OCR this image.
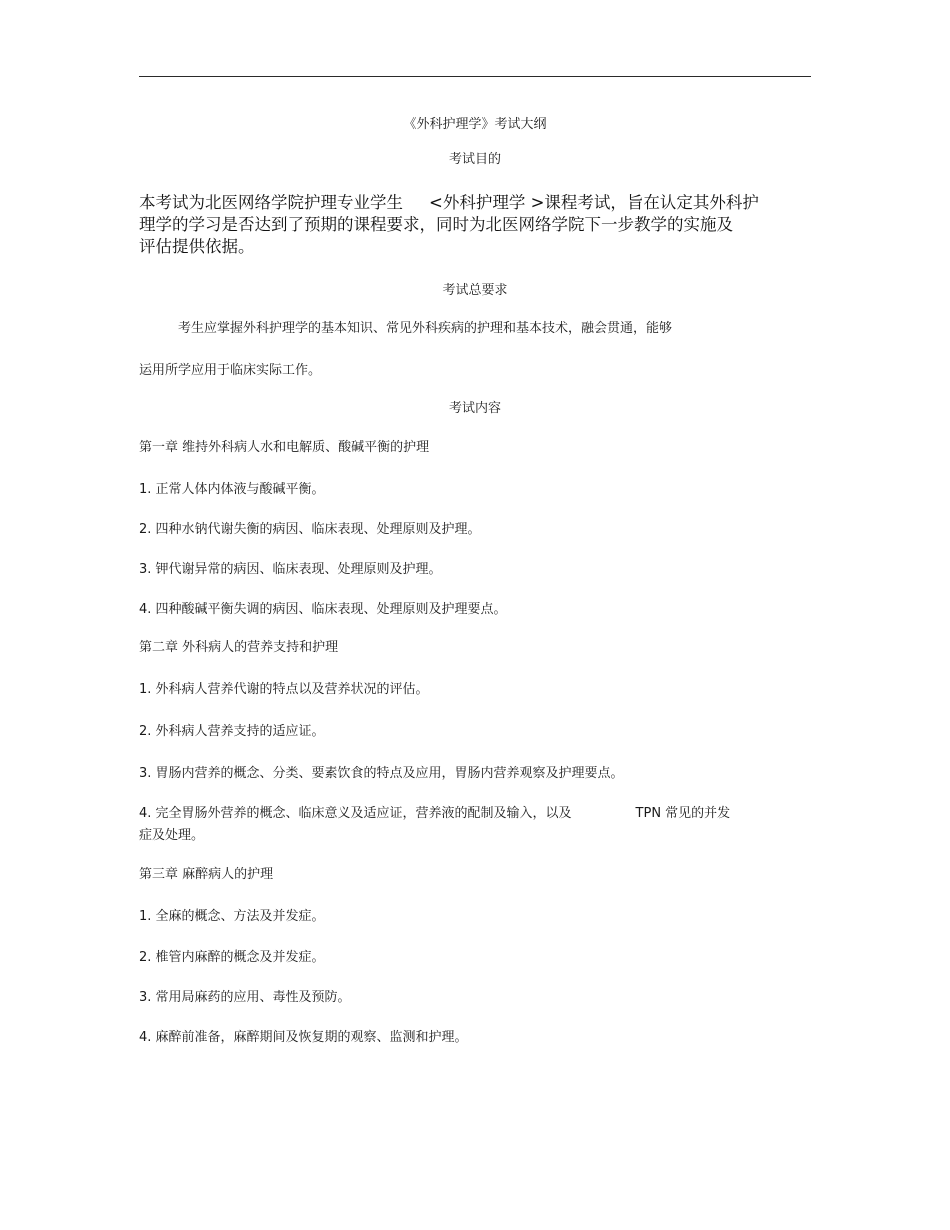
《外科护理学》考试大纲
考试目的
本考试为北医网络学院护理专业学生 <外科护理学 >课程考试，旨在认定其外科护
理学的学习是否达到了预期的课程要求，同时为北医网络学院下一步教学的实施及
评估提供依据。
考试总要求
考生应掌握外科护理学的基本知识、常见外科疾病的护理和基本技术，融会贯通，能够
运用所学应用于临床实际工作。
考试内容
第一章 维持外科病人水和电解质、酸碱平衡的护理
1. 正常人体内体液与酸碱平衡。
2. 四种水钠代谢失衡的病因、临床表现、处理原则及护理。
3. 钾代谢异常的病因、临床表现、处理原则及护理。
4. 四种酸碱平衡失调的病因、临床表现、处理原则及护理要点。
第二章 外科病人的营养支持和护理
1. 外科病人营养代谢的特点以及营养状况的评估。
2. 外科病人营养支持的适应证。
3. 胃肠内营养的概念、分类、要素饮食的特点及应用，胃肠内营养观察及护理要点。
4. 完全胃肠外营养的概念、临床意义及适应证，营养液的配制及输入，以及	TPN 常见的并发
症及处理。
第三章 麻醉病人的护理
1. 全麻的概念、方法及并发症。
2. 椎管内麻醉的概念及并发症。
3. 常用局麻药的应用、毒性及预防。
4. 麻醉前准备，麻醉期间及恢复期的观察、监测和护理。
